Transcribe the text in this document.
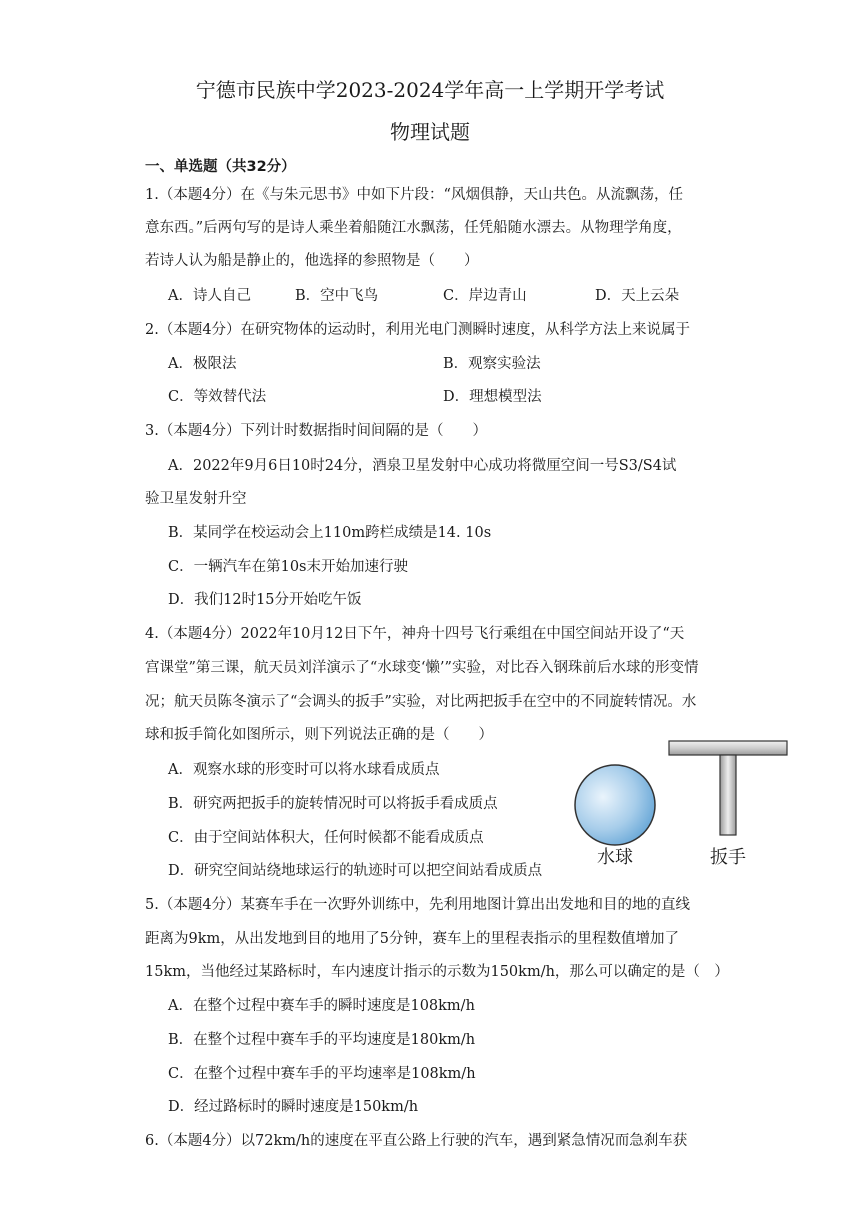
宁德市民族中学2023-2024学年高一上学期开学考试
物理试题
一、单选题（共32分）
1.（本题4分）在《与朱元思书》中如下片段：“风烟俱静，天山共色。从流飘荡，任
意东西。”后两句写的是诗人乘坐着船随江水飘荡，任凭船随水漂去。从物理学角度，
若诗人认为船是静止的，他选择的参照物是（　　）
A．诗人自己	B．空中飞鸟	C．岸边青山	D．天上云朵
2.（本题4分）在研究物体的运动时，利用光电门测瞬时速度，从科学方法上来说属于
A．极限法	B．观察实验法
C．等效替代法	D．理想模型法
3.（本题4分）下列计时数据指时间间隔的是（　　）
A．2022年9月6日10时24分，酒泉卫星发射中心成功将微厘空间一号S3/S4试
验卫星发射升空
B．某同学在校运动会上110m跨栏成绩是14. 10s
C．一辆汽车在第10s末开始加速行驶
D．我们12时15分开始吃午饭
4.（本题4分）2022年10月12日下午，神舟十四号飞行乘组在中国空间站开设了“天
宫课堂”第三课，航天员刘洋演示了“水球变‘懒’”实验，对比吞入钢珠前后水球的形变情
况；航天员陈冬演示了“会调头的扳手”实验，对比两把扳手在空中的不同旋转情况。水
球和扳手简化如图所示，则下列说法正确的是（　　）
A．观察水球的形变时可以将水球看成质点
B．研究两把扳手的旋转情况时可以将扳手看成质点
C．由于空间站体积大，任何时候都不能看成质点
D．研究空间站绕地球运行的轨迹时可以把空间站看成质点
水球	扳手
5.（本题4分）某赛车手在一次野外训练中，先利用地图计算出出发地和目的地的直线
距离为9km，从出发地到目的地用了5分钟，赛车上的里程表指示的里程数值增加了
15km，当他经过某路标时，车内速度计指示的示数为150km/h，那么可以确定的是（　）
A．在整个过程中赛车手的瞬时速度是108km/h
B．在整个过程中赛车手的平均速度是180km/h
C．在整个过程中赛车手的平均速率是108km/h
D．经过路标时的瞬时速度是150km/h
6.（本题4分）以72km/h的速度在平直公路上行驶的汽车，遇到紧急情况而急刹车获
